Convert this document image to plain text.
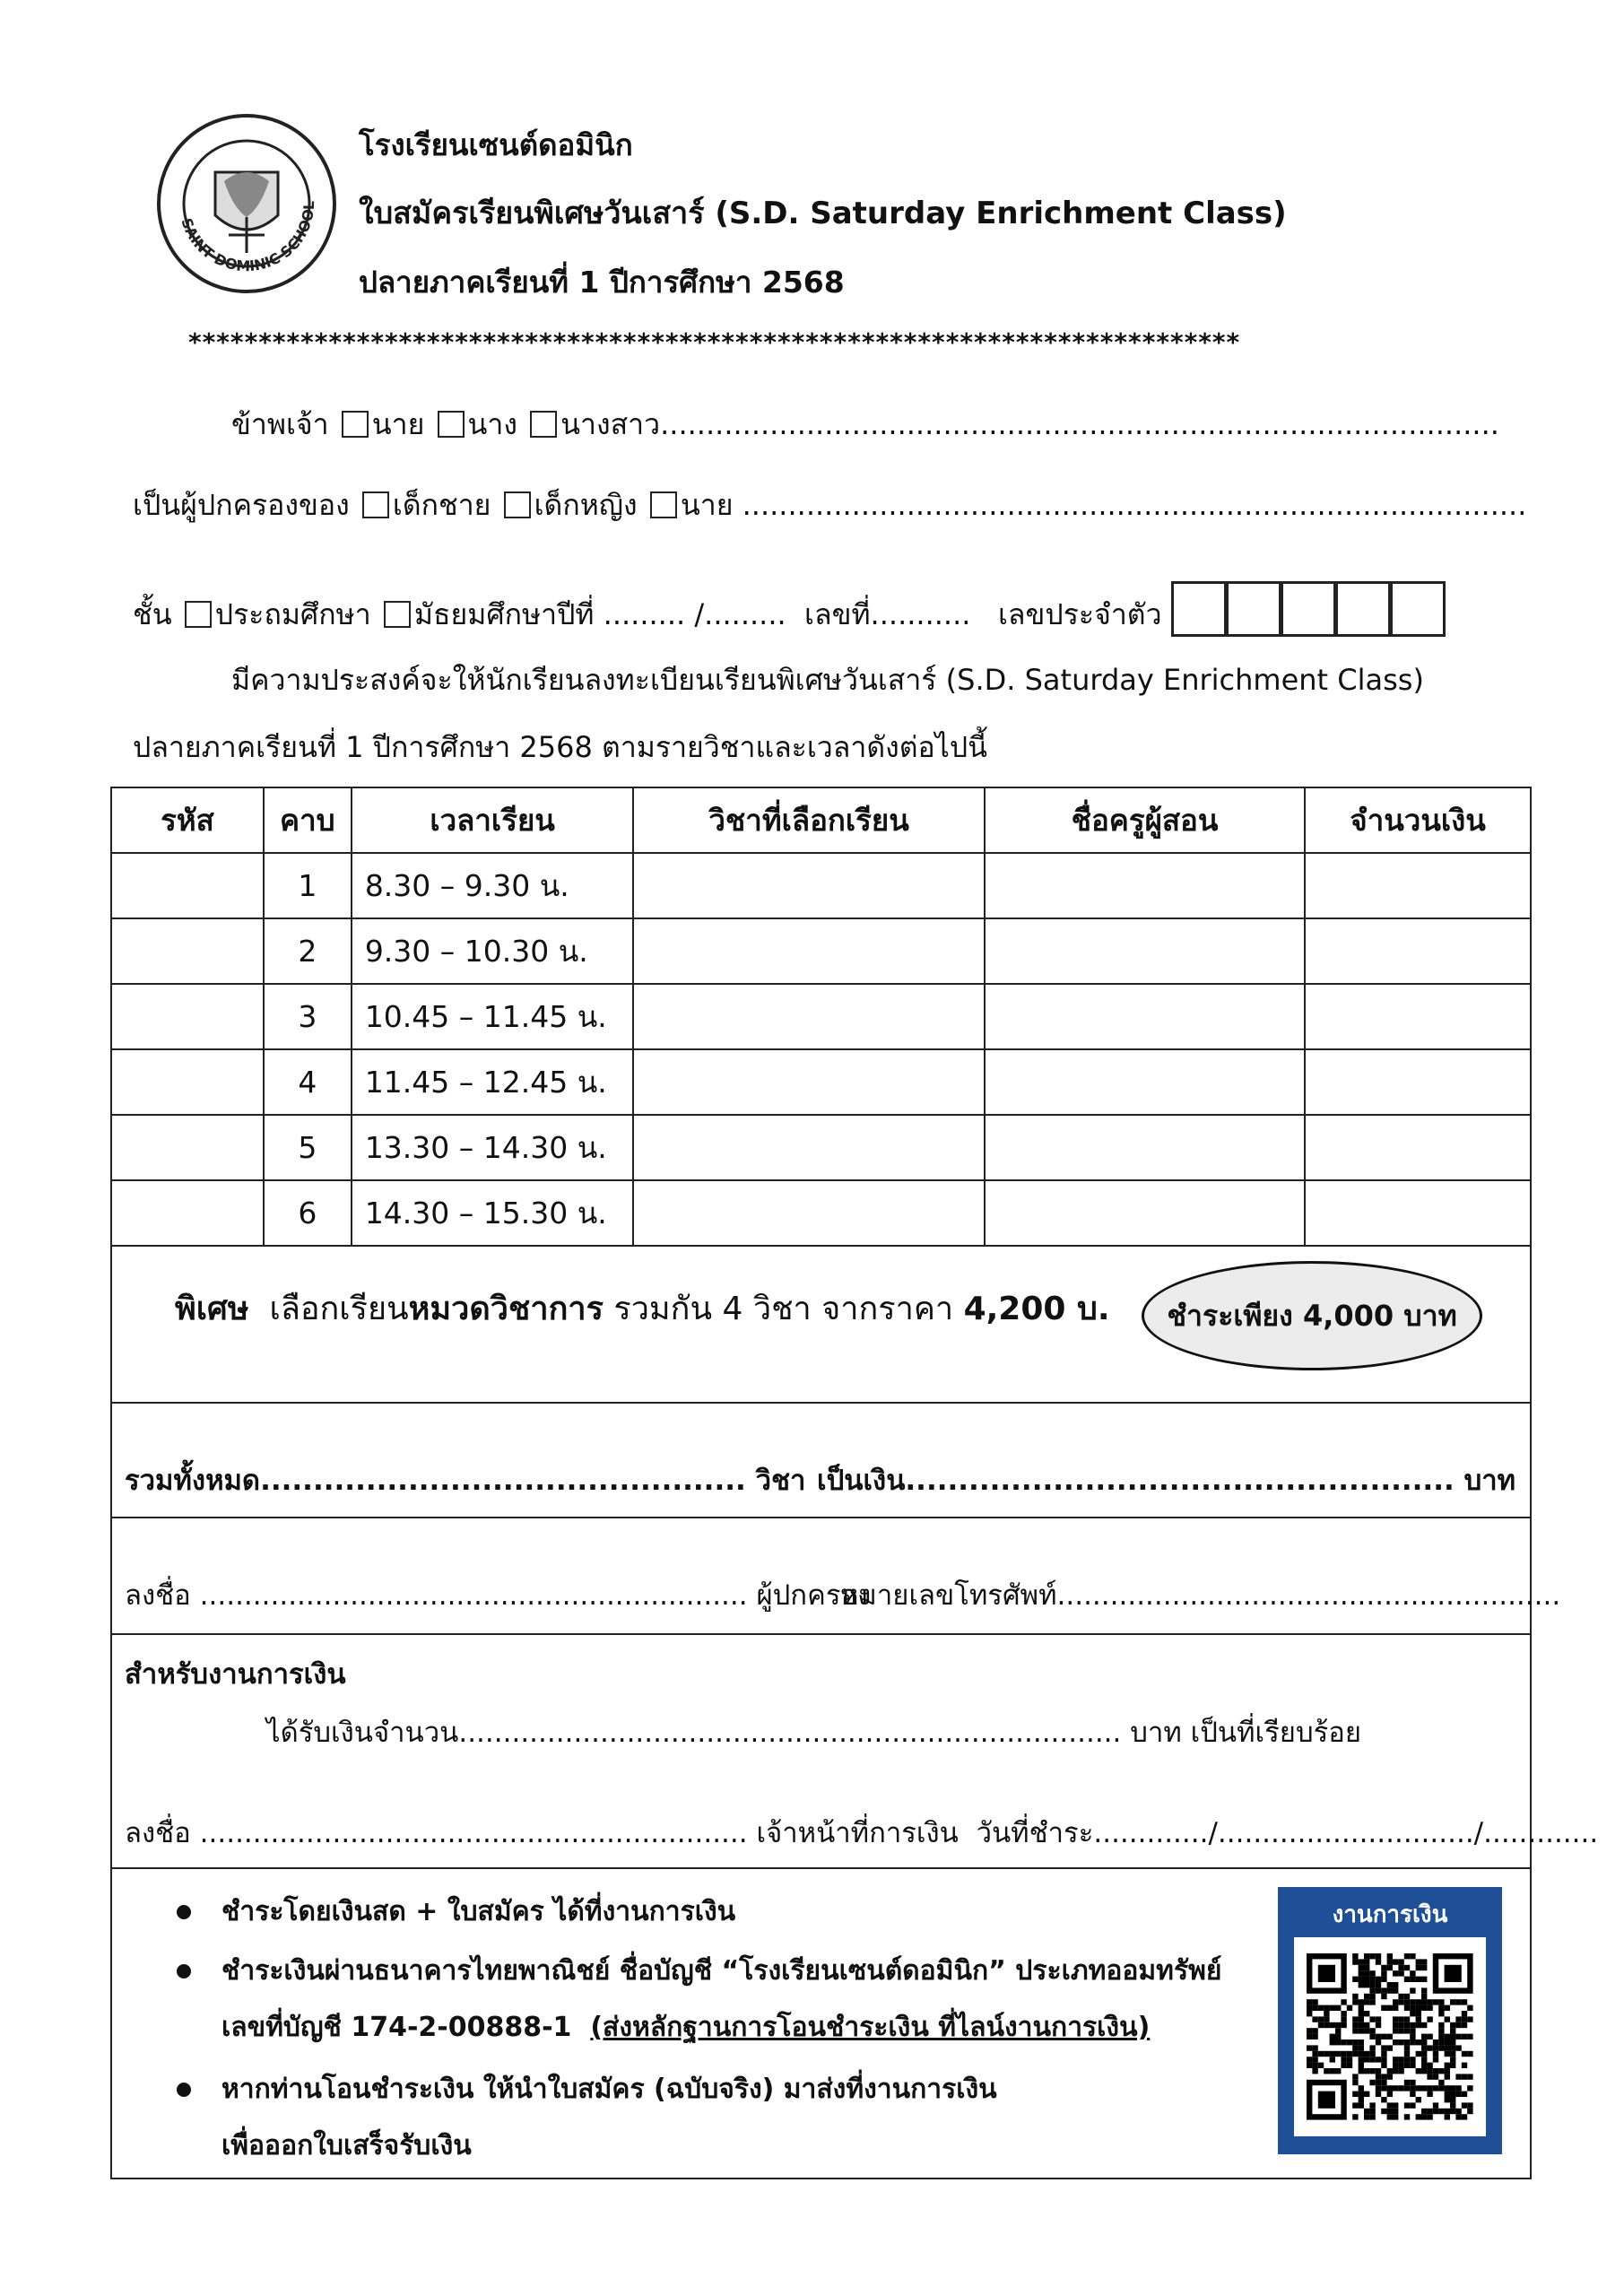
SAINT DOMINIC SCHOOL
โรงเรียนเซนต์ดอมินิก
ใบสมัครเรียนพิเศษวันเสาร์ (S.D. Saturday Enrichment Class)
ปลายภาคเรียนที่ 1 ปีการศึกษา 2568
***************************************************************************
ข้าพเจ้า นาย นาง นางสาว............................................................................................
เป็นผู้ปกครองของ เด็กชาย เด็กหญิง นาย ......................................................................................
ชั้น ประถมศึกษา มัธยมศึกษาปีที่ ......... /......... เลขที่........... เลขประจำตัว
มีความประสงค์จะให้นักเรียนลงทะเบียนเรียนพิเศษวันเสาร์ (S.D. Saturday Enrichment Class)
ปลายภาคเรียนที่ 1 ปีการศึกษา 2568 ตามรายวิชาและเวลาดังต่อไปนี้
รหัส	คาบ	เวลาเรียน	วิชาที่เลือกเรียน	ชื่อครูผู้สอน	จำนวนเงิน
	1	8.30 – 9.30 น.			
	2	9.30 – 10.30 น.			
	3	10.45 – 11.45 น.			
	4	11.45 – 12.45 น.			
	5	13.30 – 14.30 น.			
	6	14.30 – 15.30 น.			
พิเศษ เลือกเรียนหมวดวิชาการ รวมกัน 4 วิชา จากราคา 4,200 บ.	ชำระเพียง 4,000 บาท
รวมทั้งหมด.............................................. วิชา เป็นเงิน.................................................... บาท
ลงชื่อ .............................................................. ผู้ปกครอง
หมายเลขโทรศัพท์.........................................................
สำหรับงานการเงิน
ได้รับเงินจำนวน........................................................................... บาท เป็นที่เรียบร้อย
ลงชื่อ .............................................................. เจ้าหน้าที่การเงิน วันที่ชำระ............./............................./.............
ชำระโดยเงินสด + ใบสมัคร ได้ที่งานการเงิน
ชำระเงินผ่านธนาคารไทยพาณิชย์ ชื่อบัญชี “โรงเรียนเซนต์ดอมินิก” ประเภทออมทรัพย์
เลขที่บัญชี 174-2-00888-1 (ส่งหลักฐานการโอนชำระเงิน ที่ไลน์งานการเงิน)
หากท่านโอนชำระเงิน ให้นำใบสมัคร (ฉบับจริง) มาส่งที่งานการเงิน
เพื่อออกใบเสร็จรับเงิน
งานการเงิน
